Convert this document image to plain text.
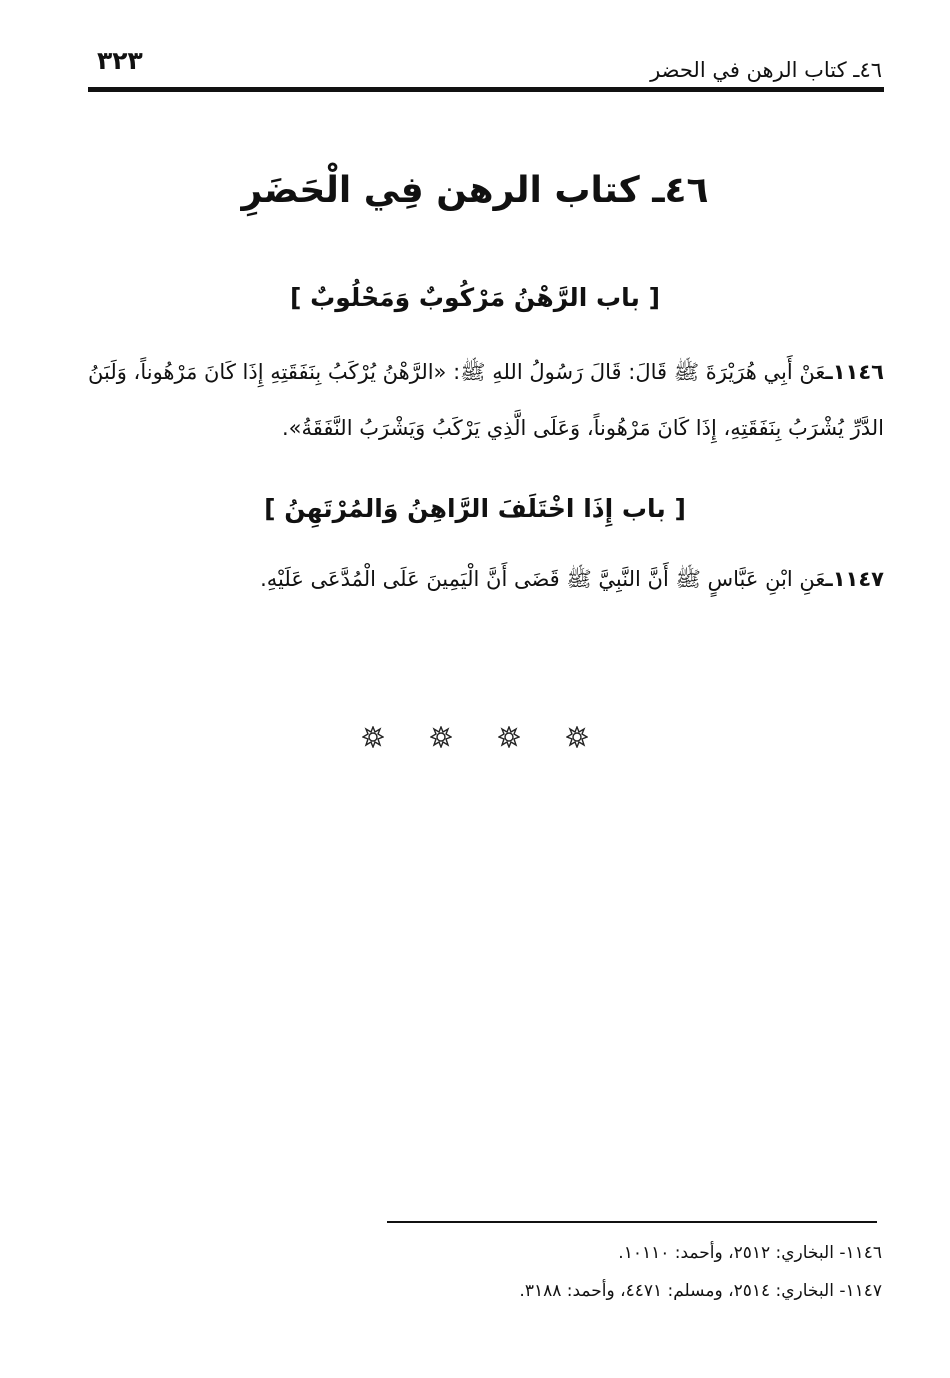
٤٦ـ كتاب الرهن في الحضر
٣٢٣
٤٦ـ كتاب الرهن فِي الْحَضَرِ
[ باب الرَّهْنُ مَرْكُوبٌ وَمَحْلُوبٌ ]
١١٤٦ـعَنْ أَبِي هُرَيْرَةَ ﷺ قَالَ: قَالَ رَسُولُ اللهِ ﷺ: «الرَّهْنُ يُرْكَبُ بِنَفَقَتِهِ إِذَا كَانَ مَرْهُوناً، وَلَبَنُ الدَّرِّ يُشْرَبُ بِنَفَقَتِهِ، إِذَا كَانَ مَرْهُوناً، وَعَلَى الَّذِي يَرْكَبُ وَيَشْرَبُ النَّفَقَةُ».
[ باب إِذَا اخْتَلَفَ الرَّاهِنُ وَالمُرْتَهِنُ ]
١١٤٧ـعَنِ ابْنِ عَبَّاسٍ ﷺ أَنَّ النَّبِيَّ ﷺ قَضَى أَنَّ الْيَمِينَ عَلَى الْمُدَّعَى عَلَيْهِ.
١١٤٦- البخاري: ٢٥١٢، وأحمد: ١٠١١٠.
١١٤٧- البخاري: ٢٥١٤، ومسلم: ٤٤٧١، وأحمد: ٣١٨٨.
